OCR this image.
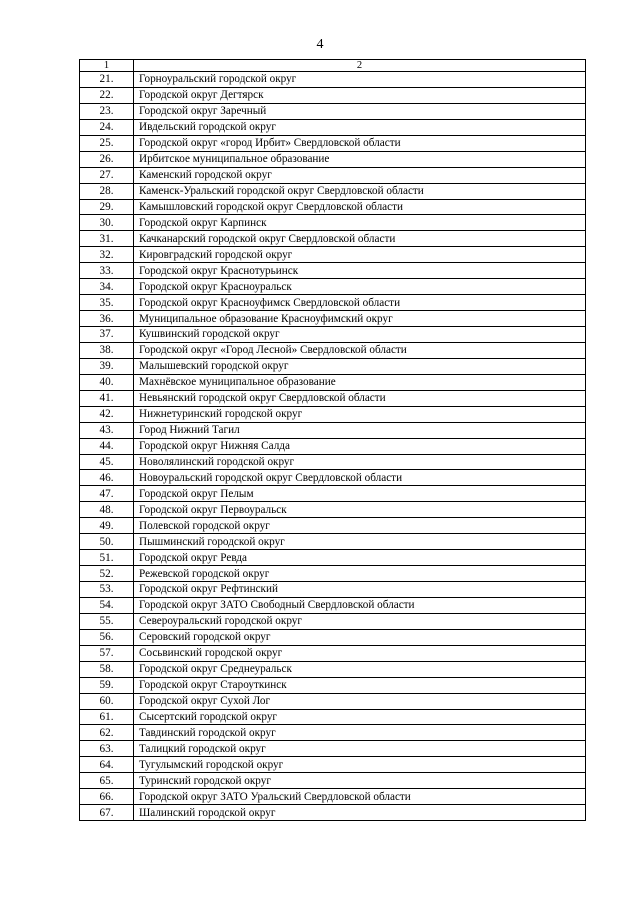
4
1	2
21.	Горноуральский городской округ
22.	Городской округ Дегтярск
23.	Городской округ Заречный
24.	Ивдельский городской округ
25.	Городской округ «город Ирбит» Свердловской области
26.	Ирбитское муниципальное образование
27.	Каменский городской округ
28.	Каменск-Уральский городской округ Свердловской области
29.	Камышловский городской округ Свердловской области
30.	Городской округ Карпинск
31.	Качканарский городской округ Свердловской области
32.	Кировградский городской округ
33.	Городской округ Краснотурьинск
34.	Городской округ Красноуральск
35.	Городской округ Красноуфимск Свердловской области
36.	Муниципальное образование Красноуфимский округ
37.	Кушвинский городской округ
38.	Городской округ «Город Лесной» Свердловской области
39.	Малышевский городской округ
40.	Махнёвское муниципальное образование
41.	Невьянский городской округ Свердловской области
42.	Нижнетуринский городской округ
43.	Город Нижний Тагил
44.	Городской округ Нижняя Салда
45.	Новолялинский городской округ
46.	Новоуральский городской округ Свердловской области
47.	Городской округ Пелым
48.	Городской округ Первоуральск
49.	Полевской городской округ
50.	Пышминский городской округ
51.	Городской округ Ревда
52.	Режевской городской округ
53.	Городской округ Рефтинский
54.	Городской округ ЗАТО Свободный Свердловской области
55.	Североуральский городской округ
56.	Серовский городской округ
57.	Сосьвинский городской округ
58.	Городской округ Среднеуральск
59.	Городской округ Староуткинск
60.	Городской округ Сухой Лог
61.	Сысертский городской округ
62.	Тавдинский городской округ
63.	Талицкий городской округ
64.	Тугулымский городской округ
65.	Туринский городской округ
66.	Городской округ ЗАТО Уральский Свердловской области
67.	Шалинский городской округ
